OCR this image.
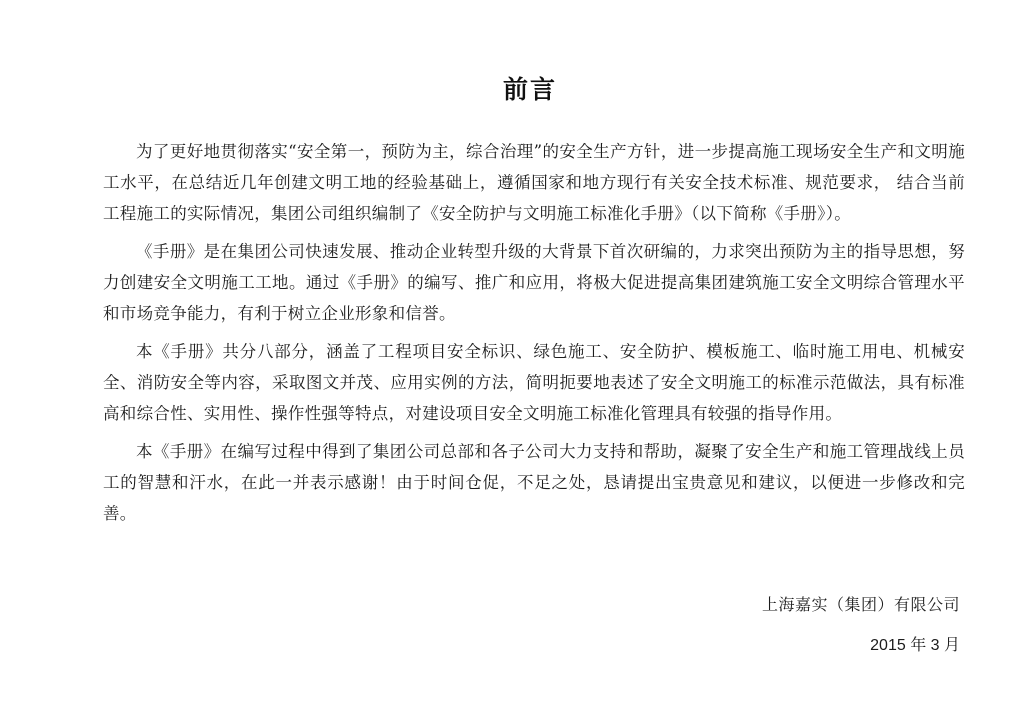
前言

为了更好地贯彻落实“安全第一，预防为主，综合治理”的安全生产方针，进一步提高施工现场安全生产和文明施工水平，在总结近几年创建文明工地的经验基础上，遵循国家和地方现行有关安全技术标准、规范要求， 结合当前工程施工的实际情况，集团公司组织编制了《安全防护与文明施工标准化手册》（以下简称《手册》）。

《手册》是在集团公司快速发展、推动企业转型升级的大背景下首次研编的，力求突出预防为主的指导思想，努力创建安全文明施工工地。通过《手册》的编写、推广和应用，将极大促进提高集团建筑施工安全文明综合管理水平和市场竞争能力，有利于树立企业形象和信誉。

本《手册》共分八部分，涵盖了工程项目安全标识、绿色施工、安全防护、模板施工、临时施工用电、机械安全、消防安全等内容，采取图文并茂、应用实例的方法，简明扼要地表述了安全文明施工的标准示范做法，具有标准高和综合性、实用性、操作性强等特点，对建设项目安全文明施工标准化管理具有较强的指导作用。

本《手册》在编写过程中得到了集团公司总部和各子公司大力支持和帮助，凝聚了安全生产和施工管理战线上员工的智慧和汗水，在此一并表示感谢！由于时间仓促，不足之处，恳请提出宝贵意见和建议，以便进一步修改和完善。

上海嘉实（集团）有限公司
2015 年 3 月
